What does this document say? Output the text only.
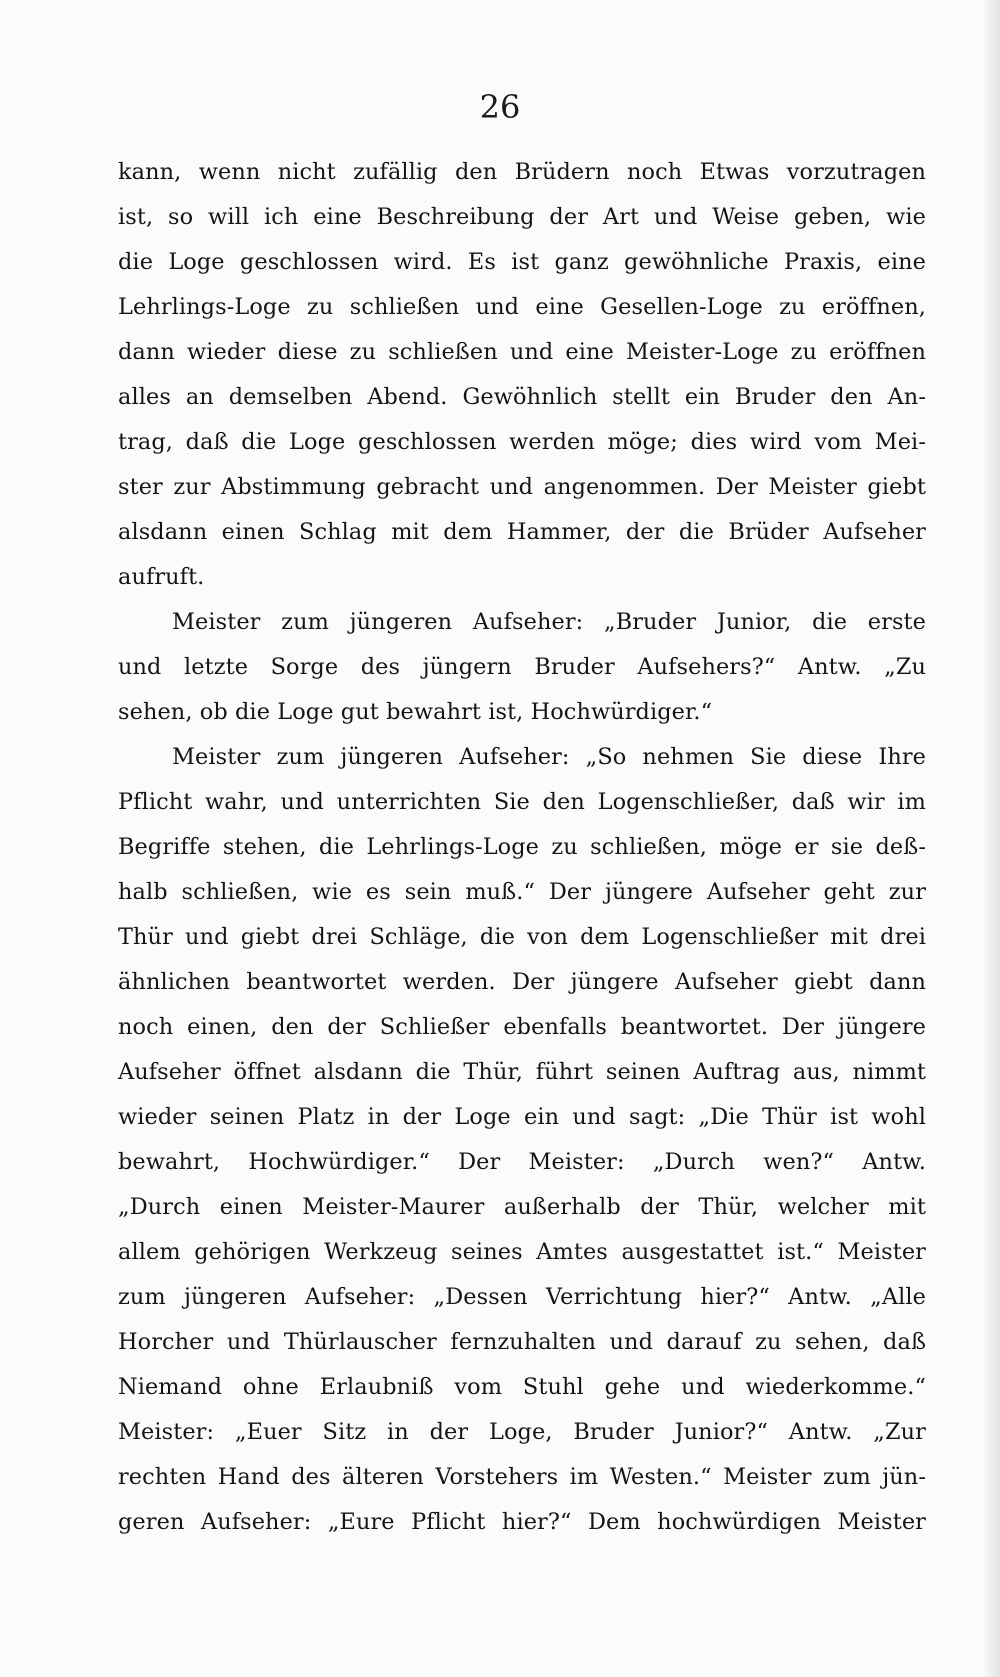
26
kann, wenn nicht zufällig den Brüdern noch Etwas vorzutragen
ist, so will ich eine Beschreibung der Art und Weise geben, wie
die Loge geschlossen wird. Es ist ganz gewöhnliche Praxis, eine
Lehrlings-Loge zu schließen und eine Gesellen-Loge zu eröffnen,
dann wieder diese zu schließen und eine Meister-Loge zu eröffnen
alles an demselben Abend. Gewöhnlich stellt ein Bruder den An-
trag, daß die Loge geschlossen werden möge; dies wird vom Mei-
ster zur Abstimmung gebracht und angenommen. Der Meister giebt
alsdann einen Schlag mit dem Hammer, der die Brüder Aufseher
aufruft.
Meister zum jüngeren Aufseher: „Bruder Junior, die erste
und letzte Sorge des jüngern Bruder Aufsehers?“ Antw. „Zu
sehen, ob die Loge gut bewahrt ist, Hochwürdiger.“
Meister zum jüngeren Aufseher: „So nehmen Sie diese Ihre
Pflicht wahr, und unterrichten Sie den Logenschließer, daß wir im
Begriffe stehen, die Lehrlings-Loge zu schließen, möge er sie deß-
halb schließen, wie es sein muß.“ Der jüngere Aufseher geht zur
Thür und giebt drei Schläge, die von dem Logenschließer mit drei
ähnlichen beantwortet werden. Der jüngere Aufseher giebt dann
noch einen, den der Schließer ebenfalls beantwortet. Der jüngere
Aufseher öffnet alsdann die Thür, führt seinen Auftrag aus, nimmt
wieder seinen Platz in der Loge ein und sagt: „Die Thür ist wohl
bewahrt, Hochwürdiger.“ Der Meister: „Durch wen?“ Antw.
„Durch einen Meister-Maurer außerhalb der Thür, welcher mit
allem gehörigen Werkzeug seines Amtes ausgestattet ist.“ Meister
zum jüngeren Aufseher: „Dessen Verrichtung hier?“ Antw. „Alle
Horcher und Thürlauscher fernzuhalten und darauf zu sehen, daß
Niemand ohne Erlaubniß vom Stuhl gehe und wiederkomme.“
Meister: „Euer Sitz in der Loge, Bruder Junior?“ Antw. „Zur
rechten Hand des älteren Vorstehers im Westen.“ Meister zum jün-
geren Aufseher: „Eure Pflicht hier?“ Dem hochwürdigen Meister
